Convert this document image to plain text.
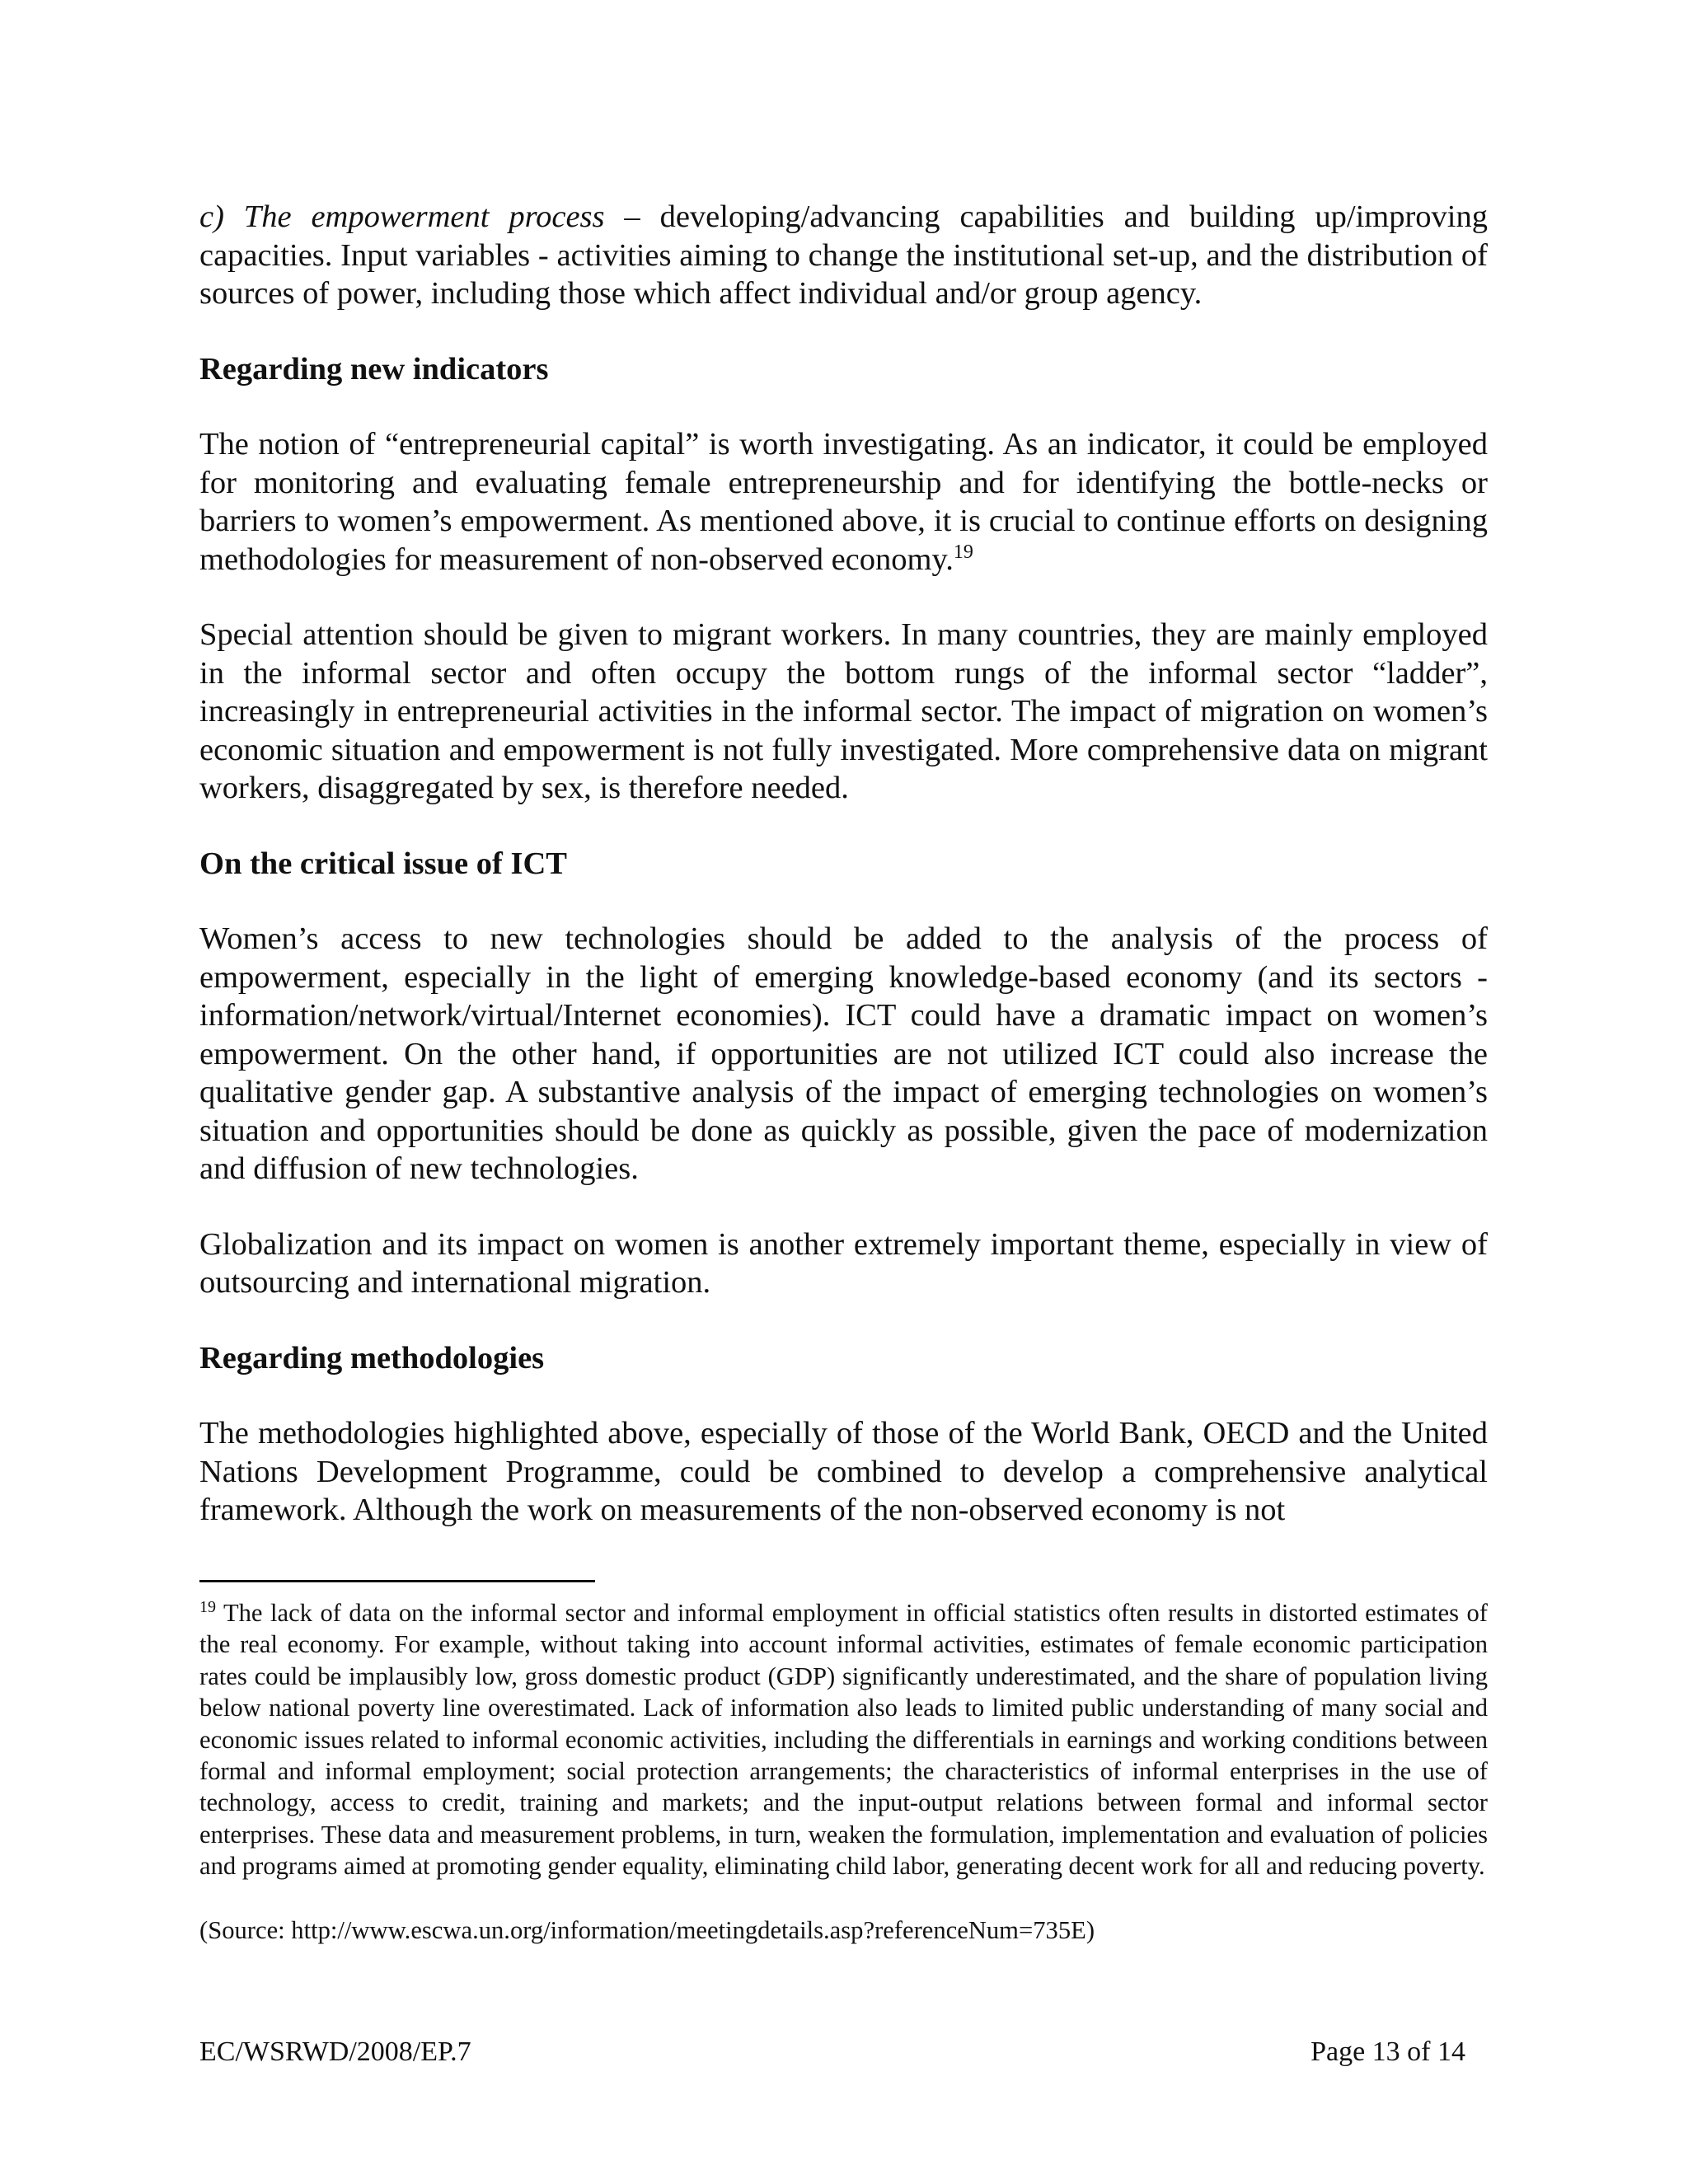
c) The empowerment process – developing/advancing capabilities and building up/improving capacities. Input variables - activities aiming to change the institutional set-up, and the distribution of sources of power, including those which affect individual and/or group agency.

Regarding new indicators

The notion of “entrepreneurial capital” is worth investigating. As an indicator, it could be employed for monitoring and evaluating female entrepreneurship and for identifying the bottle-necks or barriers to women’s empowerment. As mentioned above, it is crucial to continue efforts on designing methodologies for measurement of non-observed economy.$^{19}$

Special attention should be given to migrant workers. In many countries, they are mainly employed in the informal sector and often occupy the bottom rungs of the informal sector “ladder”, increasingly in entrepreneurial activities in the informal sector. The impact of migration on women’s economic situation and empowerment is not fully investigated. More comprehensive data on migrant workers, disaggregated by sex, is therefore needed.

On the critical issue of ICT

Women’s access to new technologies should be added to the analysis of the process of empowerment, especially in the light of emerging knowledge-based economy (and its sectors - information/network/virtual/Internet economies). ICT could have a dramatic impact on women’s empowerment. On the other hand, if opportunities are not utilized ICT could also increase the qualitative gender gap. A substantive analysis of the impact of emerging technologies on women’s situation and opportunities should be done as quickly as possible, given the pace of modernization and diffusion of new technologies.

Globalization and its impact on women is another extremely important theme, especially in view of outsourcing and international migration.

Regarding methodologies

The methodologies highlighted above, especially of those of the World Bank, OECD and the United Nations Development Programme, could be combined to develop a comprehensive analytical framework. Although the work on measurements of the non-observed economy is not

$^{19}$ The lack of data on the informal sector and informal employment in official statistics often results in distorted estimates of the real economy. For example, without taking into account informal activities, estimates of female economic participation rates could be implausibly low, gross domestic product (GDP) significantly underestimated, and the share of population living below national poverty line overestimated. Lack of information also leads to limited public understanding of many social and economic issues related to informal economic activities, including the differentials in earnings and working conditions between formal and informal employment; social protection arrangements; the characteristics of informal enterprises in the use of technology, access to credit, training and markets; and the input-output relations between formal and informal sector enterprises. These data and measurement problems, in turn, weaken the formulation, implementation and evaluation of policies and programs aimed at promoting gender equality, eliminating child labor, generating decent work for all and reducing poverty.

(Source: http://www.escwa.un.org/information/meetingdetails.asp?referenceNum=735E)

EC/WSRWD/2008/EP.7	Page 13 of 14
